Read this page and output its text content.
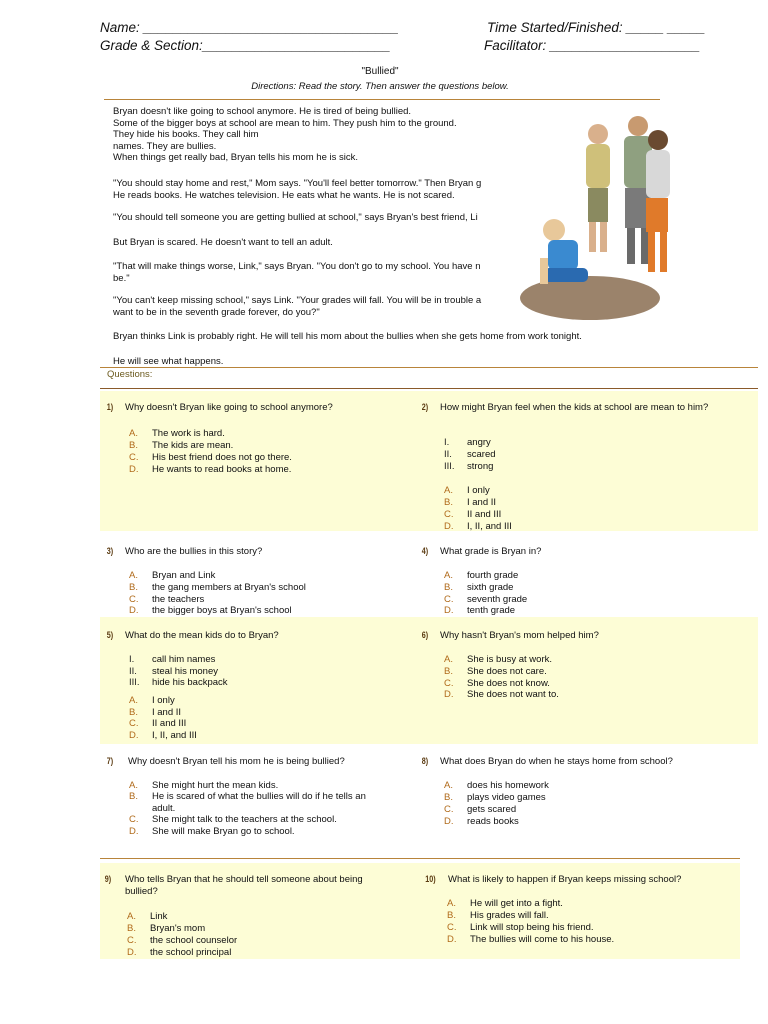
Name: __________________________________
Grade & Section:_________________________
Time Started/Finished: _____ _____
Facilitator: ____________________
"Bullied"
Directions: Read the story. Then answer the questions below.

Bryan doesn't like going to school anymore. He is tired of being bullied.
Some of the bigger boys at school are mean to him. They push him to the ground.
They hide his books. They call him
names. They are bullies.
When things get really bad, Bryan tells his mom he is sick.

"You should stay home and rest," Mom says. "You'll feel better tomorrow." Then Bryan g
He reads books. He watches television. He eats what he wants. He is not scared.

"You should tell someone you are getting bullied at school," says Bryan's best friend, Li

But Bryan is scared. He doesn't want to tell an adult.

"That will make things worse, Link," says Bryan. "You don't go to my school. You have n
be."

"You can't keep missing school," says Link. "Your grades will fall. You will be in trouble a
want to be in the seventh grade forever, do you?"

Bryan thinks Link is probably right. He will tell his mom about the bullies when she gets home from work tonight.

He will see what happens.

Questions:
1) Why doesn't Bryan like going to school anymore?
A. The work is hard.
B. The kids are mean.
C. His best friend does not go there.
D. He wants to read books at home.
2) How might Bryan feel when the kids at school are mean to him?
I. angry
II. scared
III. strong
A. I only
B. I and II
C. II and III
D. I, II, and III
3) Who are the bullies in this story?
A. Bryan and Link
B. the gang members at Bryan's school
C. the teachers
D. the bigger boys at Bryan's school
4) What grade is Bryan in?
A. fourth grade
B. sixth grade
C. seventh grade
D. tenth grade
5) What do the mean kids do to Bryan?
I. call him names
II. steal his money
III. hide his backpack
A. I only
B. I and II
C. II and III
D. I, II, and III
6) Why hasn't Bryan's mom helped him?
A. She is busy at work.
B. She does not care.
C. She does not know.
D. She does not want to.
7) Why doesn't Bryan tell his mom he is being bullied?
A. She might hurt the mean kids.
B. He is scared of what the bullies will do if he tells an adult.
C. She might talk to the teachers at the school.
D. She will make Bryan go to school.
8) What does Bryan do when he stays home from school?
A. does his homework
B. plays video games
C. gets scared
D. reads books
9) Who tells Bryan that he should tell someone about being bullied?
A. Link
B. Bryan's mom
C. the school counselor
D. the school principal
10) What is likely to happen if Bryan keeps missing school?
A. He will get into a fight.
B. His grades will fall.
C. Link will stop being his friend.
D. The bullies will come to his house.
